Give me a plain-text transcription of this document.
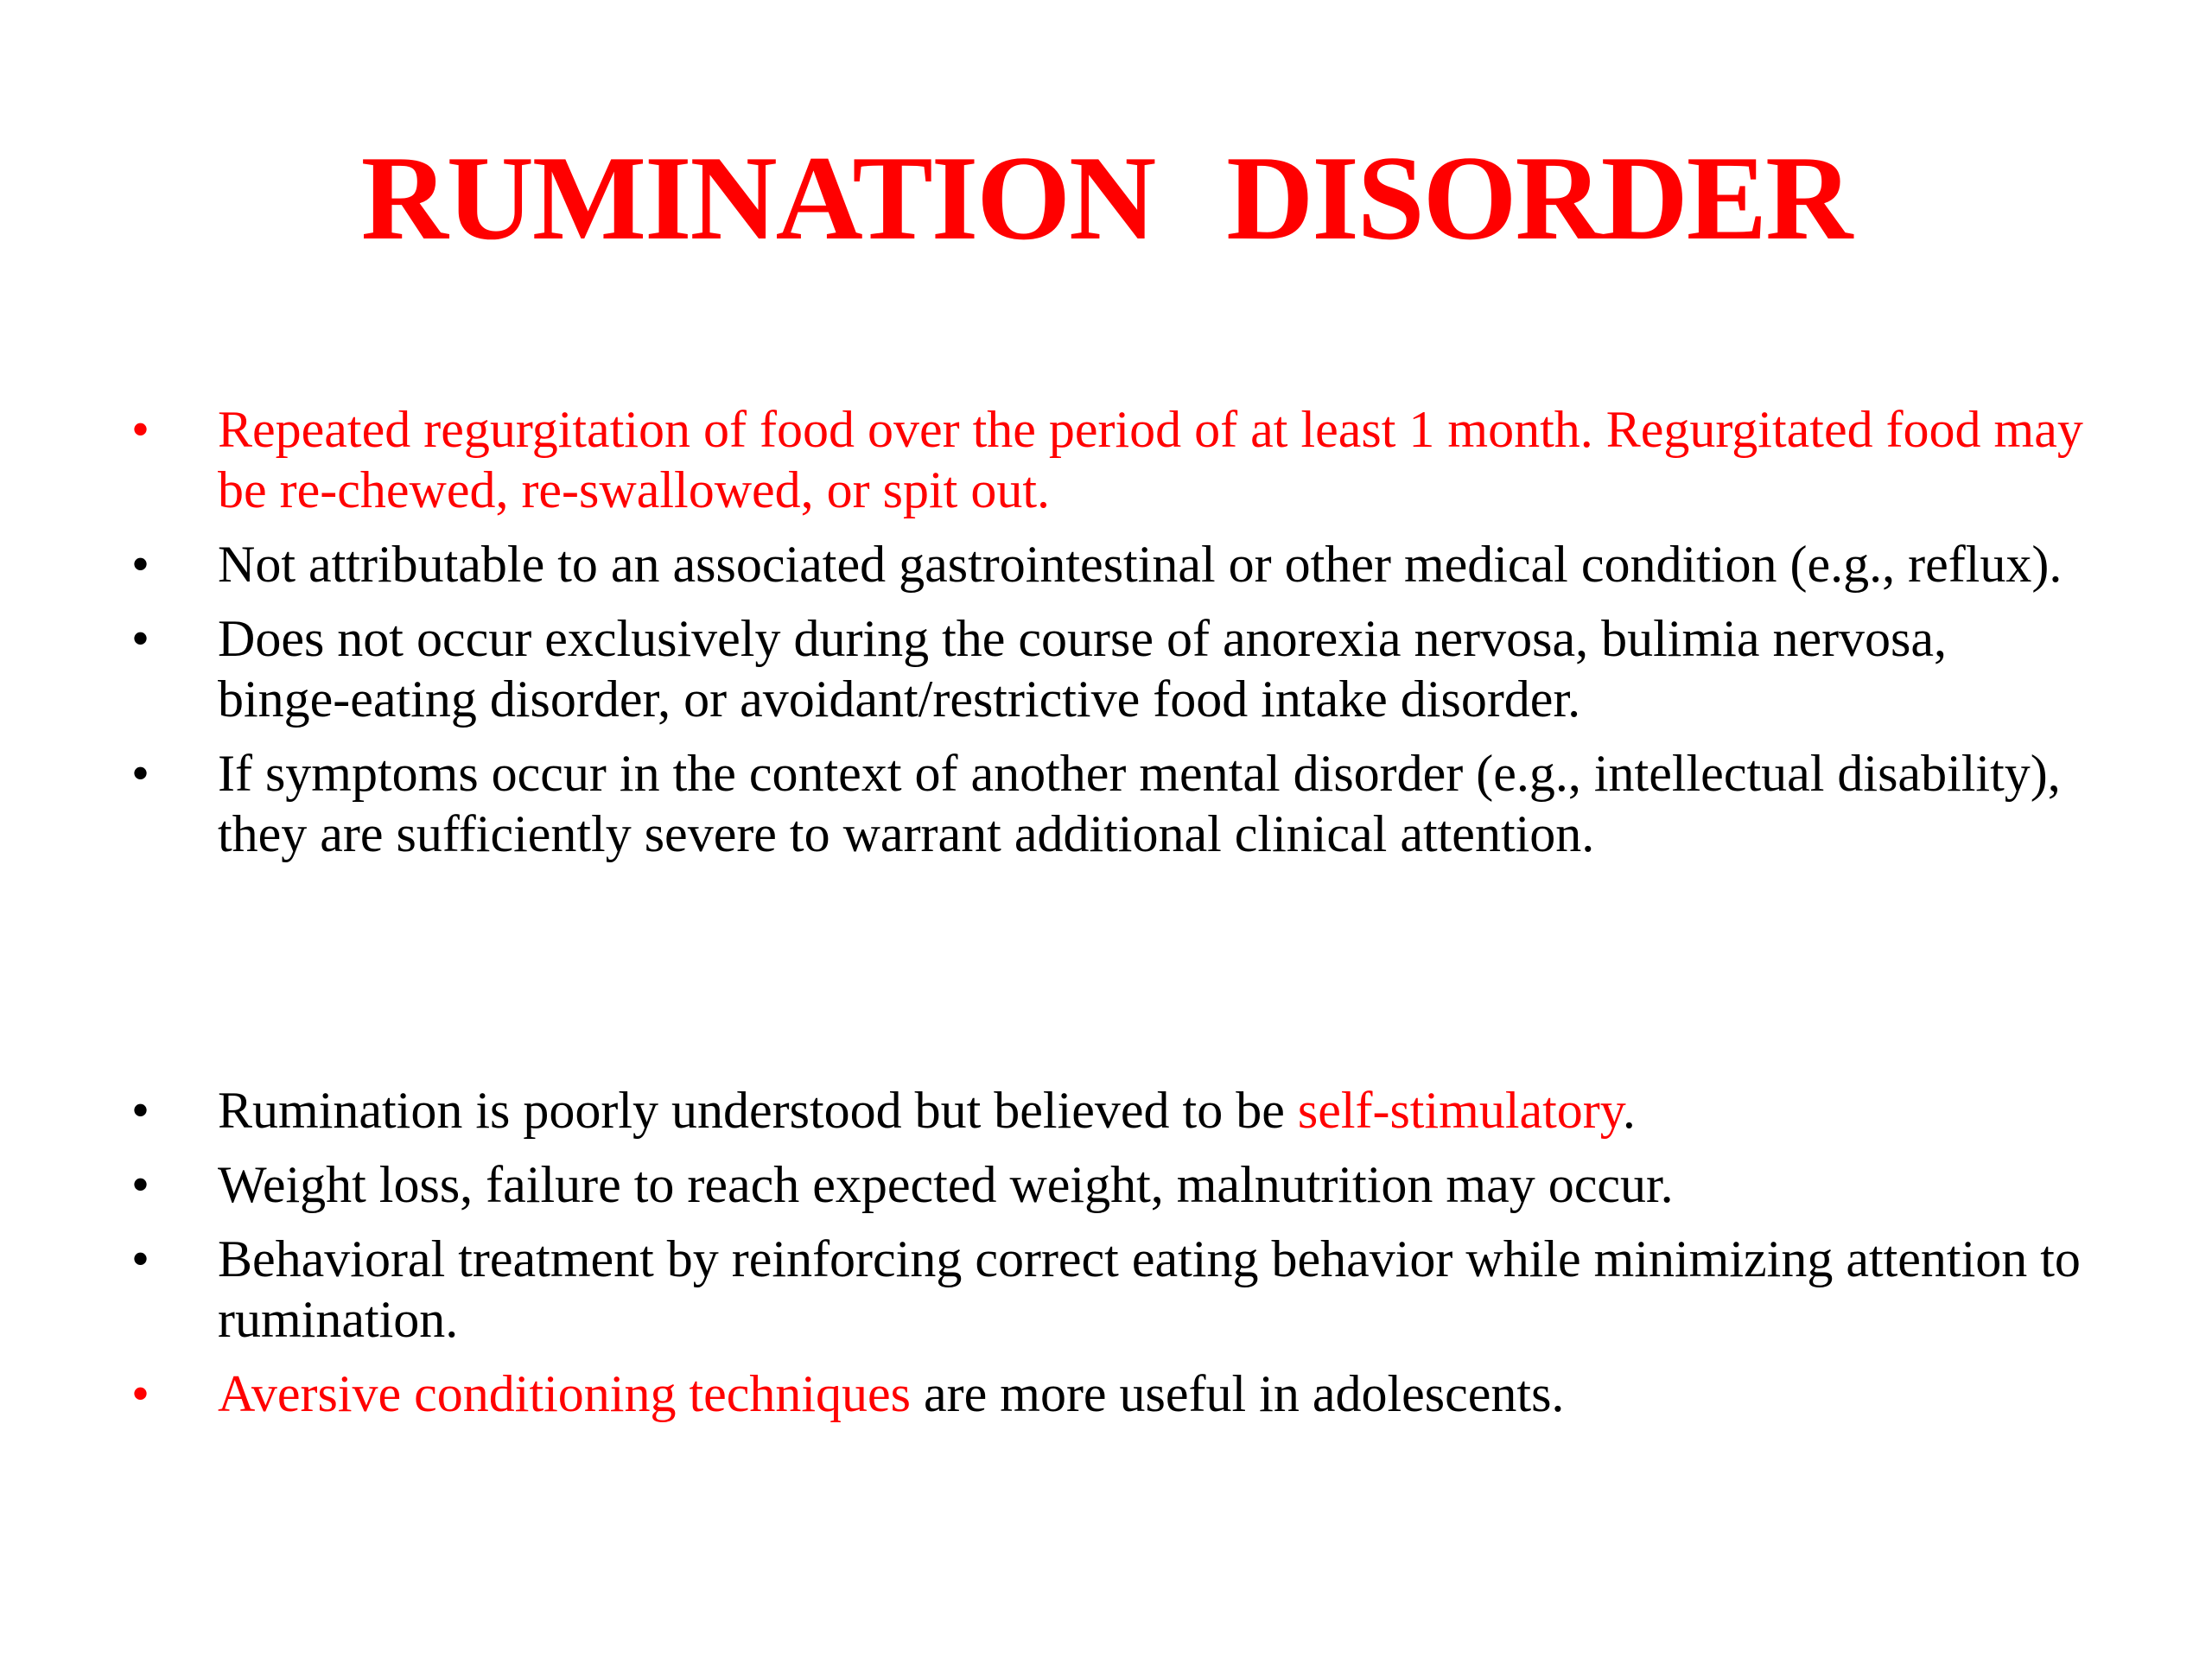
RUMINATION DISORDER
• Repeated regurgitation of food over the period of at least 1 month. Regurgitated food may be re-chewed, re-swallowed, or spit out.
• Not attributable to an associated gastrointestinal or other medical condition (e.g., reflux).
• Does not occur exclusively during the course of anorexia nervosa, bulimia nervosa, binge-eating disorder, or avoidant/restrictive food intake disorder.
• If symptoms occur in the context of another mental disorder (e.g., intellectual disability), they are sufficiently severe to warrant additional clinical attention.
• Rumination is poorly understood but believed to be self-stimulatory.
• Weight loss, failure to reach expected weight, malnutrition may occur.
• Behavioral treatment by reinforcing correct eating behavior while minimizing attention to rumination.
• Aversive conditioning techniques are more useful in adolescents.
